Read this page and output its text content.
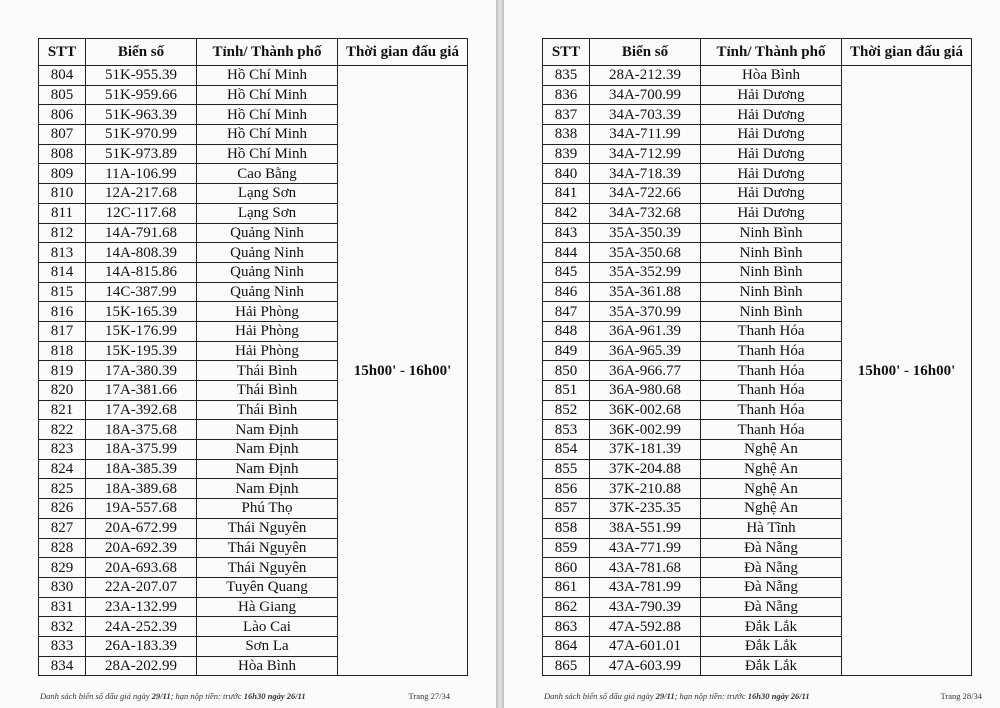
STT	Biển số	Tỉnh/ Thành phố	Thời gian đấu giá
804	51K-955.39	Hồ Chí Minh	15h00' - 16h00'
805	51K-959.66	Hồ Chí Minh	
806	51K-963.39	Hồ Chí Minh	
807	51K-970.99	Hồ Chí Minh	
808	51K-973.89	Hồ Chí Minh	
809	11A-106.99	Cao Bằng	
810	12A-217.68	Lạng Sơn	
811	12C-117.68	Lạng Sơn	
812	14A-791.68	Quảng Ninh	
813	14A-808.39	Quảng Ninh	
814	14A-815.86	Quảng Ninh	
815	14C-387.99	Quảng Ninh	
816	15K-165.39	Hải Phòng	
817	15K-176.99	Hải Phòng	
818	15K-195.39	Hải Phòng	
819	17A-380.39	Thái Bình	
820	17A-381.66	Thái Bình	
821	17A-392.68	Thái Bình	
822	18A-375.68	Nam Định	
823	18A-375.99	Nam Định	
824	18A-385.39	Nam Định	
825	18A-389.68	Nam Định	
826	19A-557.68	Phú Thọ	
827	20A-672.99	Thái Nguyên	
828	20A-692.39	Thái Nguyên	
829	20A-693.68	Thái Nguyên	
830	22A-207.07	Tuyên Quang	
831	23A-132.99	Hà Giang	
832	24A-252.39	Lào Cai	
833	26A-183.39	Sơn La	
834	28A-202.99	Hòa Bình	
Danh sách biển số đấu giá ngày 29/11; hạn nộp tiền: trước 16h30 ngày 26/11	Trang 27/34
STT	Biển số	Tỉnh/ Thành phố	Thời gian đấu giá
835	28A-212.39	Hòa Bình	15h00' - 16h00'
836	34A-700.99	Hải Dương	
837	34A-703.39	Hải Dương	
838	34A-711.99	Hải Dương	
839	34A-712.99	Hải Dương	
840	34A-718.39	Hải Dương	
841	34A-722.66	Hải Dương	
842	34A-732.68	Hải Dương	
843	35A-350.39	Ninh Bình	
844	35A-350.68	Ninh Bình	
845	35A-352.99	Ninh Bình	
846	35A-361.88	Ninh Bình	
847	35A-370.99	Ninh Bình	
848	36A-961.39	Thanh Hóa	
849	36A-965.39	Thanh Hóa	
850	36A-966.77	Thanh Hóa	
851	36A-980.68	Thanh Hóa	
852	36K-002.68	Thanh Hóa	
853	36K-002.99	Thanh Hóa	
854	37K-181.39	Nghệ An	
855	37K-204.88	Nghệ An	
856	37K-210.88	Nghệ An	
857	37K-235.35	Nghệ An	
858	38A-551.99	Hà Tĩnh	
859	43A-771.99	Đà Nẵng	
860	43A-781.68	Đà Nẵng	
861	43A-781.99	Đà Nẵng	
862	43A-790.39	Đà Nẵng	
863	47A-592.88	Đắk Lắk	
864	47A-601.01	Đắk Lắk	
865	47A-603.99	Đắk Lắk	
Danh sách biển số đấu giá ngày 29/11; hạn nộp tiền: trước 16h30 ngày 26/11	Trang 28/34
